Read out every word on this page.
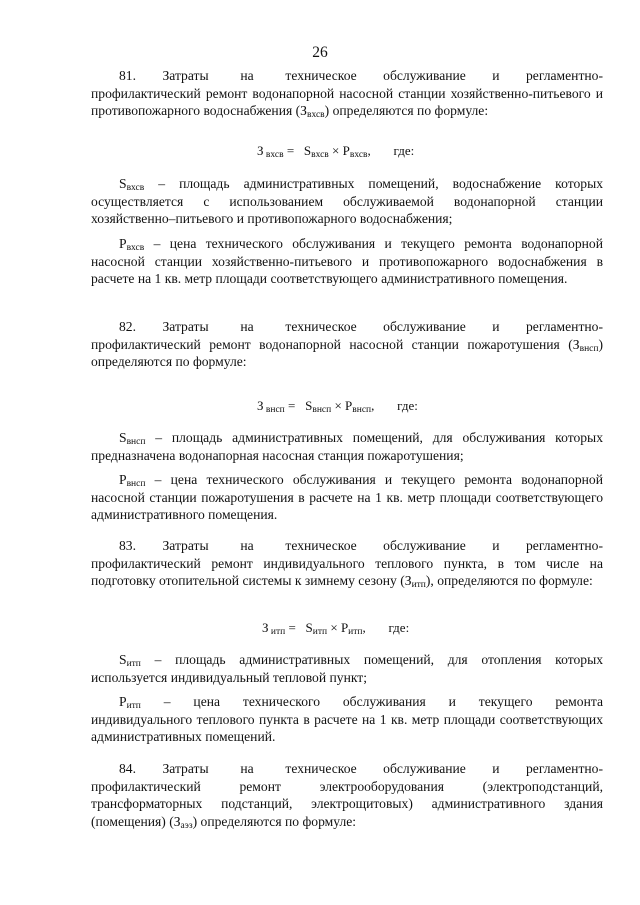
26

81.     Затраты      на      техническое     обслуживание     и     регламентно-профилактический ремонт водонапорной насосной станции хозяйственно-питьевого и противопожарного водоснабжения $(З_{вхсв})$ определяются по формуле:

З $_{вхсв} = S_{вхсв} \times P_{вхсв}$,       где:

$S_{вхсв}$ – площадь административных помещений, водоснабжение которых осуществляется с использованием обслуживаемой водонапорной станции хозяйственно–питьевого и противопожарного водоснабжения;

$P_{вхсв}$ – цена технического обслуживания и текущего ремонта водонапорной насосной станции хозяйственно-питьевого и противопожарного водоснабжения в расчете на 1 кв. метр площади соответствующего административного помещения.

82.     Затраты      на      техническое     обслуживание     и     регламентно-профилактический ремонт водонапорной насосной станции пожаротушения $(З_{внсп})$ определяются по формуле:

З $_{внсп} = S_{внсп} \times P_{внсп}$,       где:

$S_{внсп}$ – площадь административных помещений, для обслуживания которых предназначена водонапорная насосная станция пожаротушения;

$P_{внсп}$ – цена технического обслуживания и текущего ремонта водонапорной насосной станции пожаротушения в расчете на 1 кв. метр площади соответствующего административного помещения.

83.     Затраты      на      техническое     обслуживание     и     регламентно-профилактический ремонт индивидуального теплового пункта, в том числе на подготовку отопительной системы к зимнему сезону $(З_{итп})$, определяются по формуле:

З $_{итп} = S_{итп} \times P_{итп}$,       где:

$S_{итп}$ – площадь административных помещений, для отопления которых используется индивидуальный тепловой пункт;

$P_{итп}$   –   цена   технического   обслуживания   и   текущего   ремонта индивидуального теплового пункта в расчете на 1 кв. метр площади соответствующих административных помещений.

84.     Затраты      на      техническое     обслуживание     и     регламентно-профилактический ремонт электрооборудования (электроподстанций, трансформаторных подстанций, электрощитовых) административного здания (помещения) $(З_{аэз})$ определяются по формуле:
